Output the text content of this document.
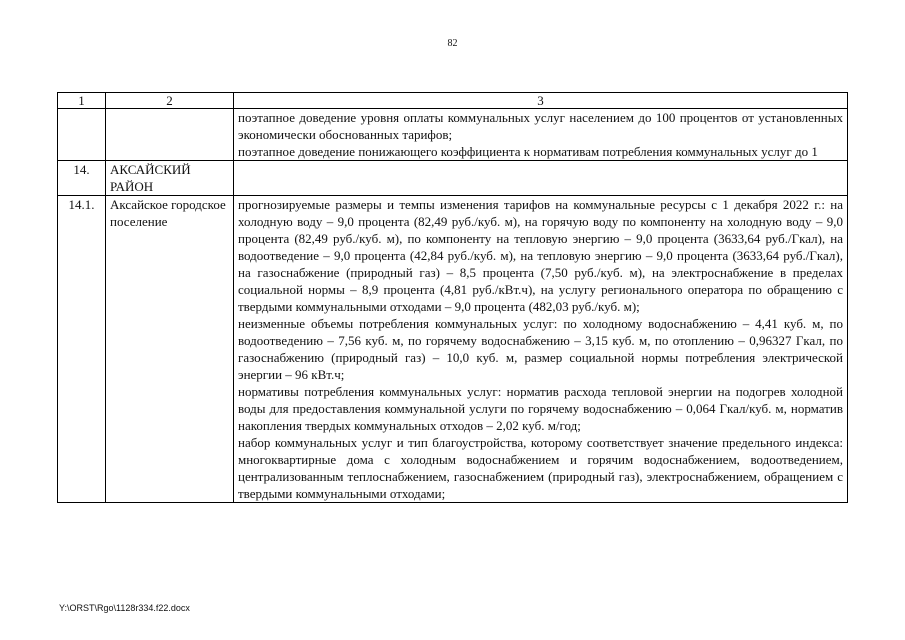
82
1	2	3

		поэтапное доведение уровня оплаты коммунальных услуг населением до 100 процентов от установленных экономически обоснованных тарифов;
поэтапное доведение понижающего коэффициента к нормативам потребления коммунальных услуг до 1

14.	АКСАЙСКИЙ РАЙОН	
14.1.	Аксайское городское поселение	прогнозируемые размеры и темпы изменения тарифов на коммунальные ресурсы с 1 декабря 2022 г.: на холодную воду – 9,0 процента (82,49 руб./куб. м), на горячую воду по компоненту на холодную воду – 9,0 процента (82,49 руб./куб. м), по компоненту на тепловую энергию – 9,0 процента (3633,64 руб./Гкал), на водоотведение – 9,0 процента (42,84 руб./куб. м), на тепловую энергию – 9,0 процента (3633,64 руб./Гкал), на газоснабжение (природный газ) – 8,5 процента (7,50 руб./куб. м), на электроснабжение в пределах социальной нормы – 8,9 процента (4,81 руб./кВт.ч), на услугу регионального оператора по обращению с твердыми коммунальными отходами – 9,0 процента (482,03 руб./куб. м);
неизменные объемы потребления коммунальных услуг: по холодному водоснабжению – 4,41 куб. м, по водоотведению – 7,56 куб. м, по горячему водоснабжению – 3,15 куб. м, по отоплению – 0,96327 Гкал, по газоснабжению (природный газ) – 10,0 куб. м, размер социальной нормы потребления электрической энергии – 96 кВт.ч;
нормативы потребления коммунальных услуг: норматив расхода тепловой энергии на подогрев холодной воды для предоставления коммунальной услуги по горячему водоснабжению – 0,064 Гкал/куб. м, норматив накопления твердых коммунальных отходов – 2,02 куб. м/год;
набор коммунальных услуг и тип благоустройства, которому соответствует значение предельного индекса: многоквартирные дома с холодным водоснабжением и горячим водоснабжением, водоотведением, централизованным теплоснабжением, газоснабжением (природный газ), электроснабжением, обращением с твердыми коммунальными отходами;
Y:\ORST\Rgo\1128r334.f22.docx
